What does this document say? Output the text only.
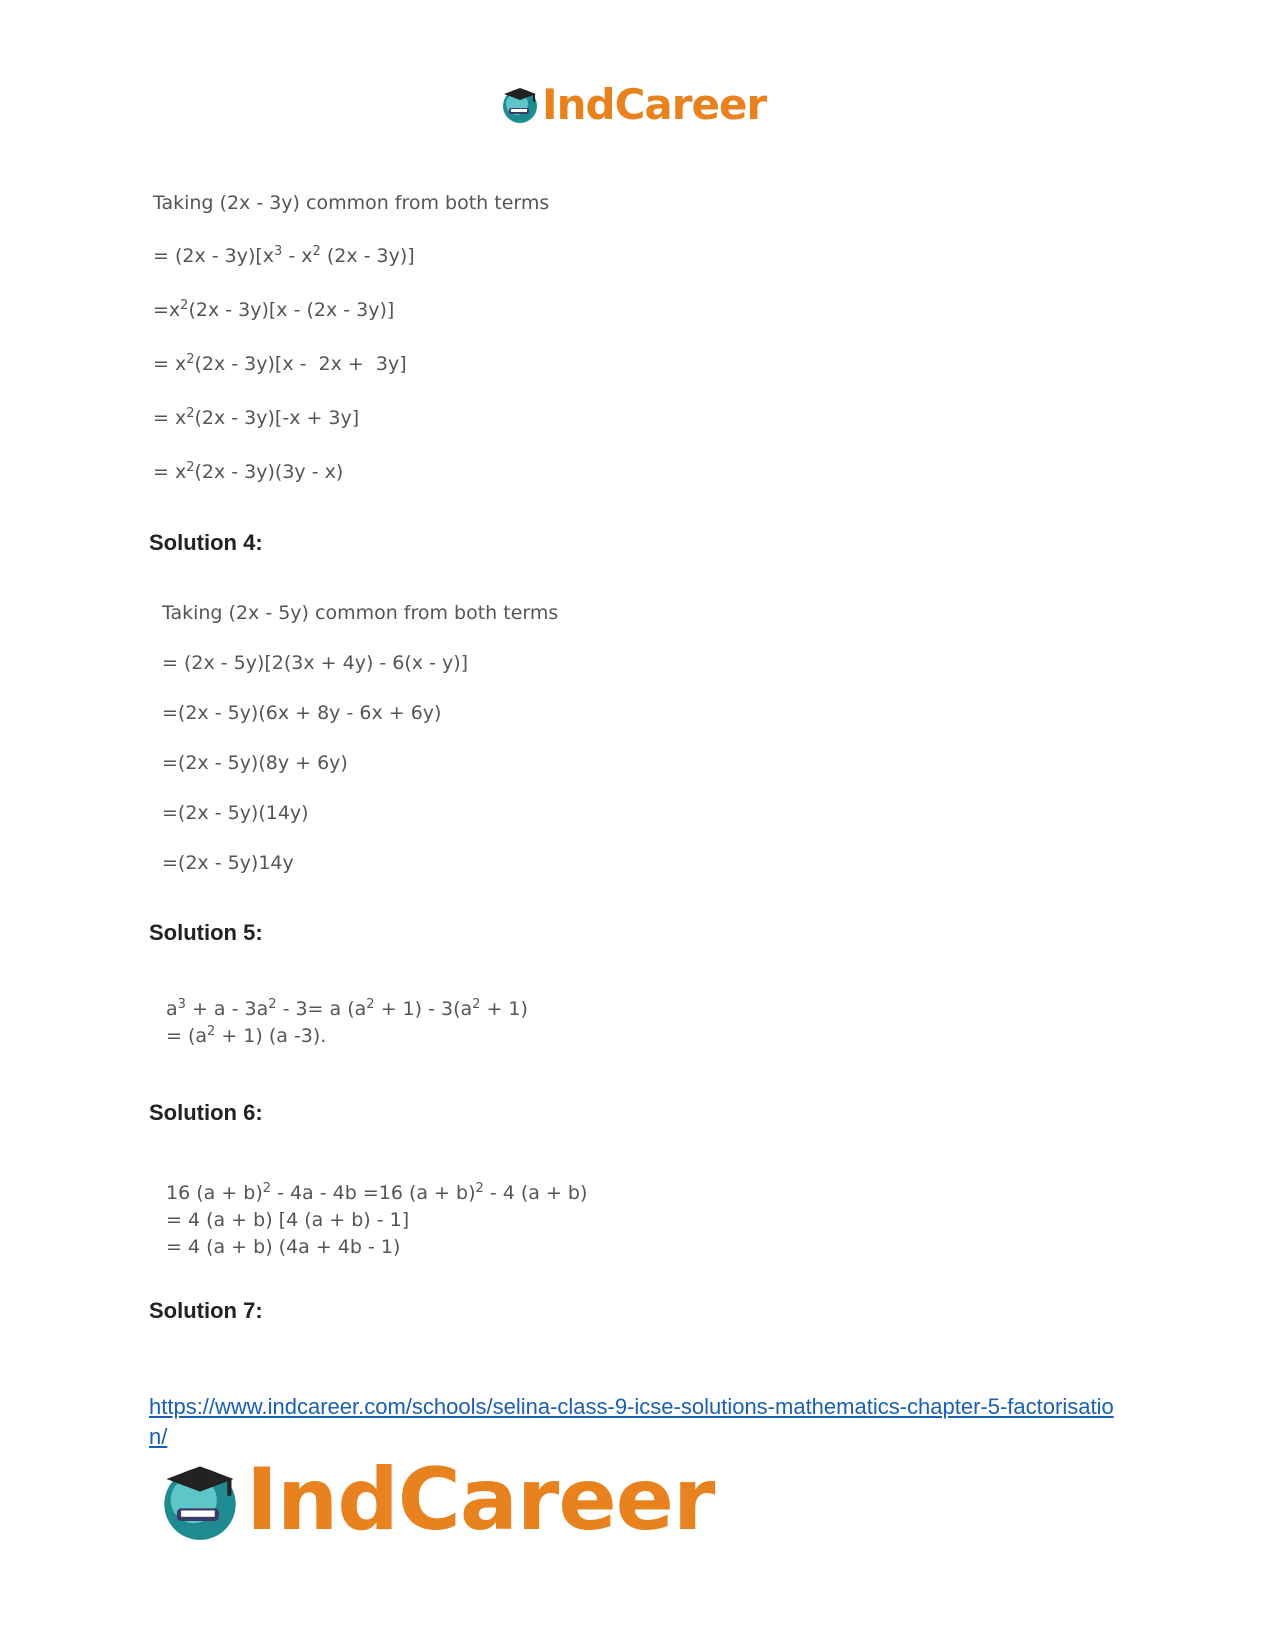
IndCareer
Taking (2x - 3y) common from both terms
= $(2x - 3y)[x^3 - x^2$ (2x - 3y)]
$=x^2(2x - 3y)[x - (2x - 3y)]$
= $x^2(2x - 3y)[x - 2x + 3y]$
= $x^2(2x - 3y)[-x + 3y]$
= $x^2(2x - 3y)(3y - x)$
Solution 4:
Taking (2x - 5y) common from both terms
= (2x - 5y)[2(3x + 4y) - 6(x - y)]
=(2x - 5y)(6x + 8y - 6x + 6y)
=(2x - 5y)(8y + 6y)
=(2x - 5y)(14y)
=(2x - 5y)14y
Solution 5:
$a^3 + a - 3a^2 - 3= a$ $(a^2 + 1) - 3(a^2 + 1)$
= $(a^2 + 1)$ (a -3).
Solution 6:
16 $(a + b)^2 - 4a - 4b =16$ $(a + b)^2 - 4$ (a + b)
= 4 (a + b) [4 (a + b) - 1]
= 4 (a + b) (4a + 4b - 1)
Solution 7:
https://www.indcareer.com/schools/selina-class-9-icse-solutions-mathematics-chapter-5-factorisation/
IndCareer
